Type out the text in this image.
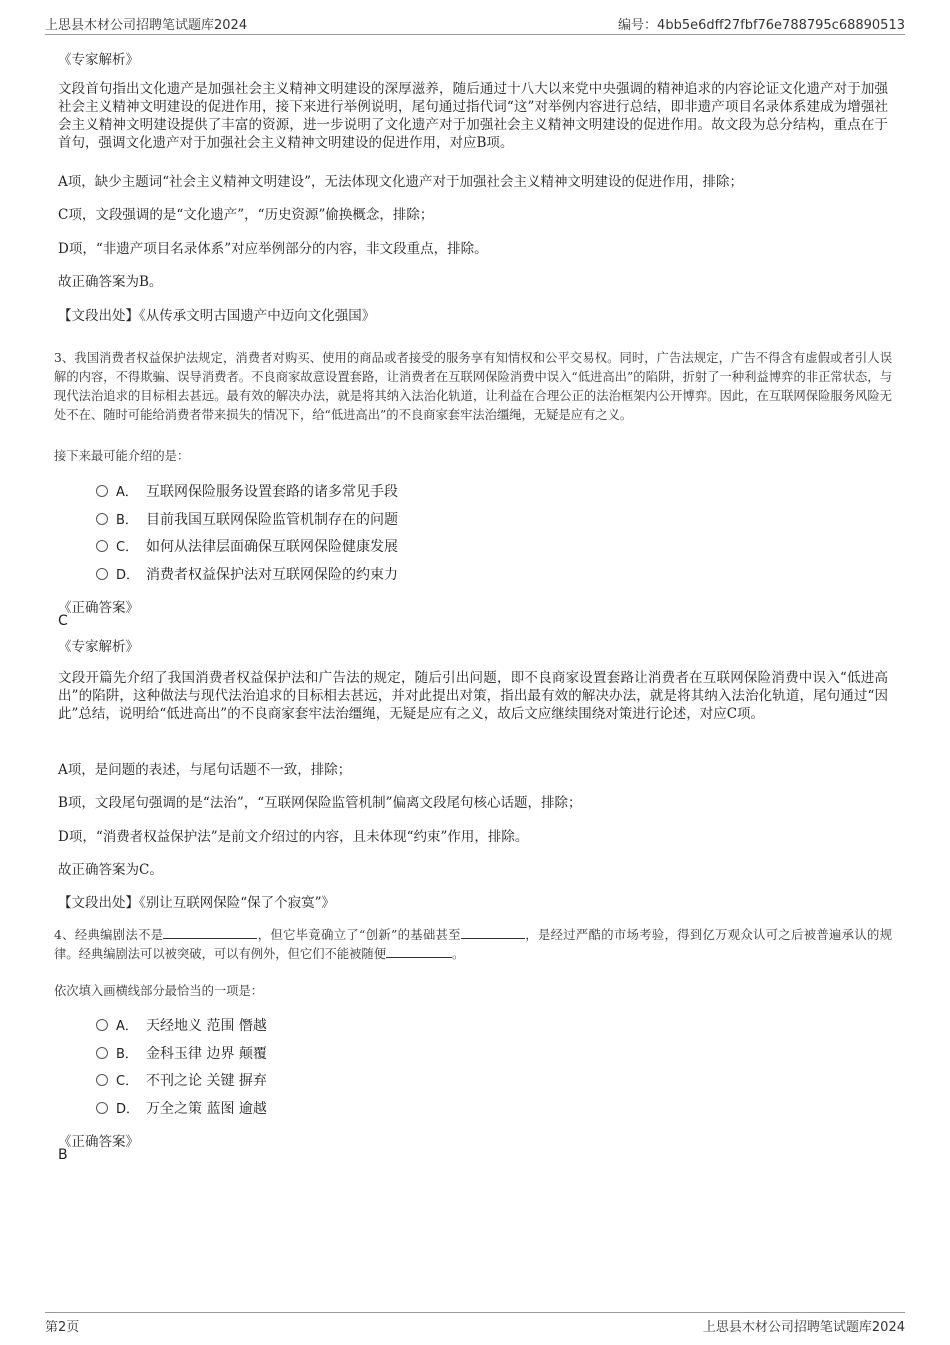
上思县木材公司招聘笔试题库2024	编号：4bb5e6dff27fbf76e788795c68890513
《专家解析》
文段首句指出文化遗产是加强社会主义精神文明建设的深厚滋养，随后通过十八大以来党中央强调的精神追求的内容论证文化遗产对于加强社会主义精神文明建设的促进作用，接下来进行举例说明，尾句通过指代词“这”对举例内容进行总结，即非遗产项目名录体系建成为增强社会主义精神文明建设提供了丰富的资源，进一步说明了文化遗产对于加强社会主义精神文明建设的促进作用。故文段为总分结构，重点在于首句，强调文化遗产对于加强社会主义精神文明建设的促进作用，对应B项。
A项，缺少主题词“社会主义精神文明建设”，无法体现文化遗产对于加强社会主义精神文明建设的促进作用，排除；
C项，文段强调的是“文化遗产”，“历史资源”偷换概念，排除；
D项，“非遗产项目名录体系”对应举例部分的内容，非文段重点，排除。
故正确答案为B。
【文段出处】《从传承文明古国遗产中迈向文化强国》
3、我国消费者权益保护法规定，消费者对购买、使用的商品或者接受的服务享有知情权和公平交易权。同时，广告法规定，广告不得含有虚假或者引人误解的内容，不得欺骗、误导消费者。不良商家故意设置套路，让消费者在互联网保险消费中误入“低进高出”的陷阱，折射了一种利益博弈的非正常状态，与现代法治追求的目标相去甚远。最有效的解决办法，就是将其纳入法治化轨道，让利益在合理公正的法治框架内公开博弈。因此，在互联网保险服务风险无处不在、随时可能给消费者带来损失的情况下，给“低进高出”的不良商家套牢法治缰绳，无疑是应有之义。
接下来最可能介绍的是：
A． 互联网保险服务设置套路的诸多常见手段
B． 目前我国互联网保险监管机制存在的问题
C． 如何从法律层面确保互联网保险健康发展
D． 消费者权益保护法对互联网保险的约束力
《正确答案》
C
《专家解析》
文段开篇先介绍了我国消费者权益保护法和广告法的规定，随后引出问题，即不良商家设置套路让消费者在互联网保险消费中误入“低进高出”的陷阱，这种做法与现代法治追求的目标相去甚远，并对此提出对策，指出最有效的解决办法，就是将其纳入法治化轨道，尾句通过“因此”总结，说明给“低进高出”的不良商家套牢法治缰绳，无疑是应有之义，故后文应继续围绕对策进行论述，对应C项。
A项，是问题的表述，与尾句话题不一致，排除；
B项，文段尾句强调的是“法治”，“互联网保险监管机制”偏离文段尾句核心话题，排除；
D项，“消费者权益保护法”是前文介绍过的内容，且未体现“约束”作用，排除。
故正确答案为C。
【文段出处】《别让互联网保险“保了个寂寞”》
4、经典编剧法不是	，但它毕竟确立了“创新”的基础甚至	，是经过严酷的市场考验，得到亿万观众认可之后被普遍承认的规律。经典编剧法可以被突破，可以有例外，但它们不能被随便	。
依次填入画横线部分最恰当的一项是：
A． 天经地义 范围 僭越
B． 金科玉律 边界 颠覆
C． 不刊之论 关键 摒弃
D． 万全之策 蓝图 逾越
《正确答案》
B
第2页	上思县木材公司招聘笔试题库2024
